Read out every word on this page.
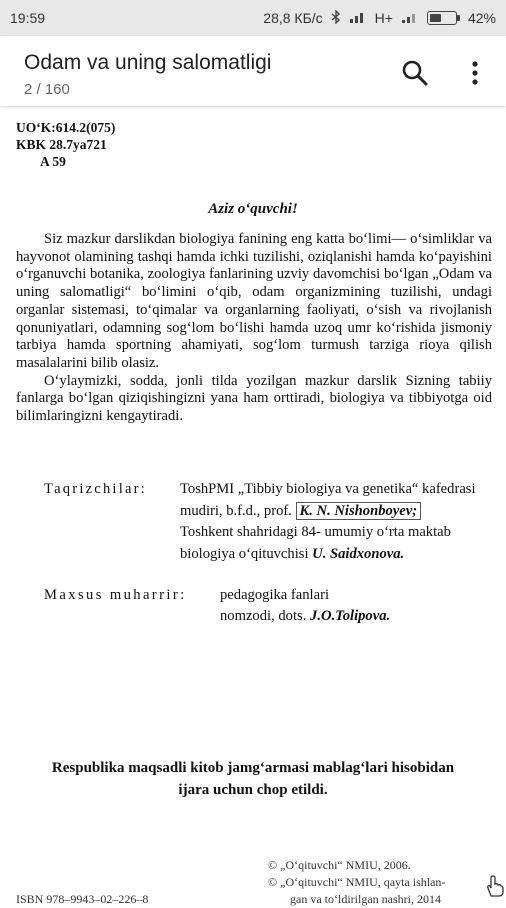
19:59	28,8 КБ/с	H+	42%
Odam va uning salomatligi
2 / 160
UO‘K:614.2(075)
KBK 28.7ya721
A 59
Aziz o‘quvchi!

Siz mazkur darslikdan biologiya fanining eng katta bo‘limi— o‘simliklar va hayvonot olamining tashqi hamda ichki tuzilishi, oziqlanishi hamda ko‘payishini o‘rganuvchi botanika, zoologiya fanlarining uzviy davomchisi bo‘lgan „Odam va uning salomatligi“ bo‘limini o‘qib, odam organizmining tuzilishi, undagi organlar sistemasi, to‘qimalar va organlarning faoliyati, o‘sish va rivojlanish qonuniyatlari, odamning sog‘lom bo‘lishi hamda uzoq umr ko‘rishida jismoniy tarbiya hamda sportning ahamiyati, sog‘lom turmush tarziga rioya qilish masalalarini bilib olasiz.

O‘ylaymizki, sodda, jonli tilda yozilgan mazkur darslik Sizning tabiiy fanlarga bo‘lgan qiziqishingizni yana ham orttiradi, biologiya va tibbiyotga oid bilimlaringizni kengaytiradi.

Taqrizchilar:	ToshPMI „Tibbiy biologiya va genetika“ kafedrasi
mudiri, b.f.d., prof. K. N. Nishonboyev;
Toshkent shahridagi 84- umumiy o‘rta maktab
biologiya o‘qituvchisi U. Saidxonova.
Maxsus muharrir:	pedagogika fanlari
nomzodi, dots. J.O.Tolipova.
Respublika maqsadli kitob jamg‘armasi mablag‘lari hisobidan
ijara uchun chop etildi.
© „O‘qituvchi“ NMIU, 2006.
© „O‘qituvchi“ NMIU, qayta ishlan-
gan va to‘ldirilgan nashri, 2014
ISBN 978–9943–02–226–8
